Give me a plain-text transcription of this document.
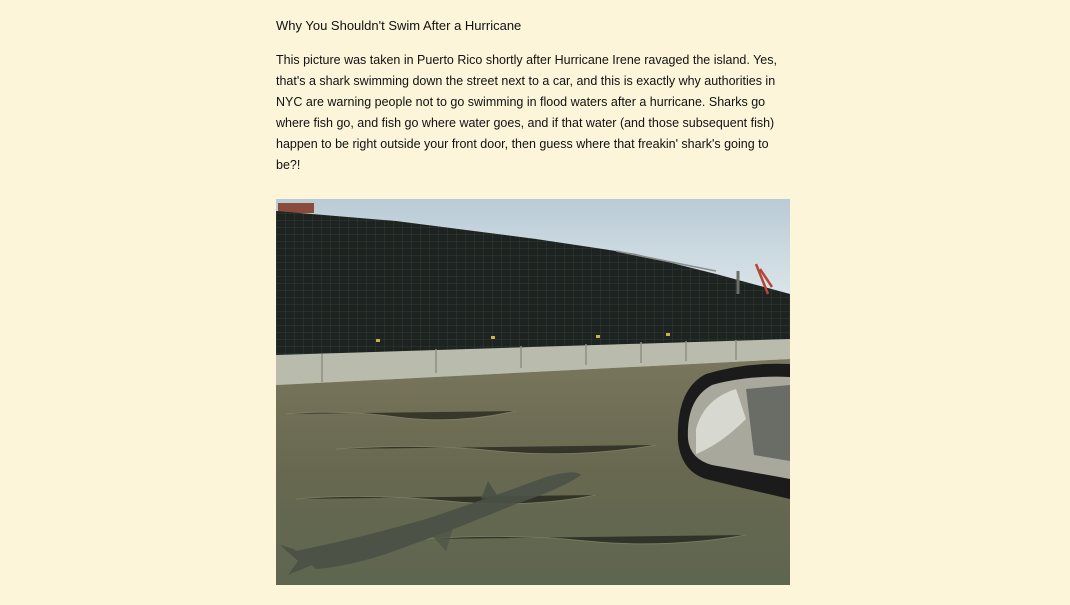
Why You Shouldn't Swim After a Hurricane
This picture was taken in Puerto Rico shortly after Hurricane Irene ravaged the island. Yes, that's a shark swimming down the street next to a car, and this is exactly why authorities in NYC are warning people not to go swimming in flood waters after a hurricane. Sharks go where fish go, and fish go where water goes, and if that water (and those subsequent fish) happen to be right outside your front door, then guess where that freakin' shark's going to be?!
